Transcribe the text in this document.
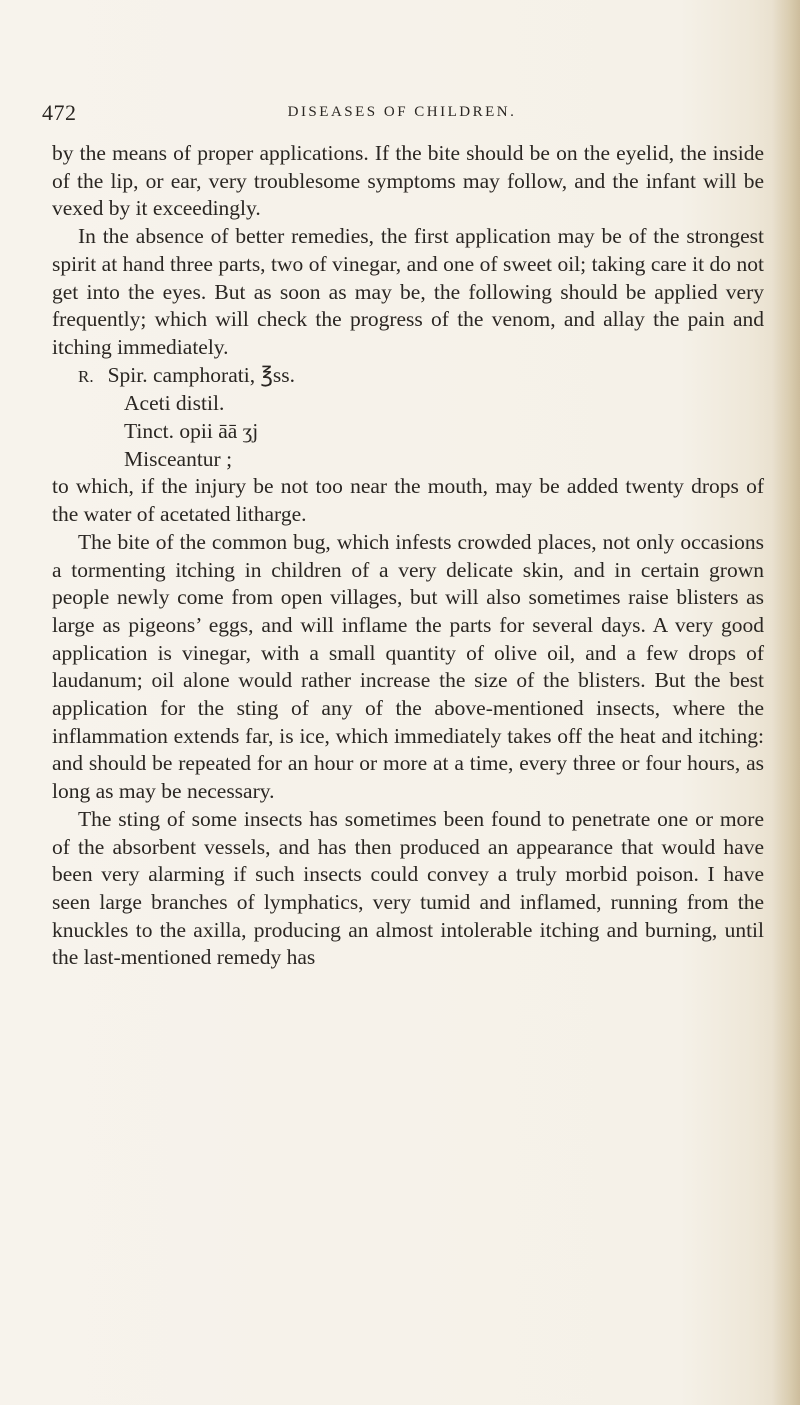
472	DISEASES OF CHILDREN.

by the means of proper applications. If the bite should be on the eyelid, the inside of the lip, or ear, very troublesome symptoms may follow, and the infant will be vexed by it exceedingly.

In the absence of better remedies, the first application may be of the strongest spirit at hand three parts, two of vinegar, and one of sweet oil; taking care it do not get into the eyes. But as soon as may be, the following should be applied very frequently; which will check the progress of the venom, and allay the pain and itching immediately.

R. Spir. camphorati, ℥ss.
Aceti distil.
Tinct. opii āā ʒj
Misceantur ;

to which, if the injury be not too near the mouth, may be added twenty drops of the water of acetated litharge.

The bite of the common bug, which infests crowded places, not only occasions a tormenting itching in children of a very delicate skin, and in certain grown people newly come from open villages, but will also sometimes raise blisters as large as pigeons’ eggs, and will inflame the parts for several days. A very good application is vinegar, with a small quantity of olive oil, and a few drops of laudanum; oil alone would rather increase the size of the blisters. But the best application for the sting of any of the above-mentioned insects, where the inflammation extends far, is ice, which immediately takes off the heat and itching: and should be repeated for an hour or more at a time, every three or four hours, as long as may be necessary.

The sting of some insects has sometimes been found to penetrate one or more of the absorbent vessels, and has then produced an appearance that would have been very alarming if such insects could convey a truly morbid poison. I have seen large branches of lymphatics, very tumid and inflamed, running from the knuckles to the axilla, producing an almost intolerable itching and burning, until the last-mentioned remedy has
